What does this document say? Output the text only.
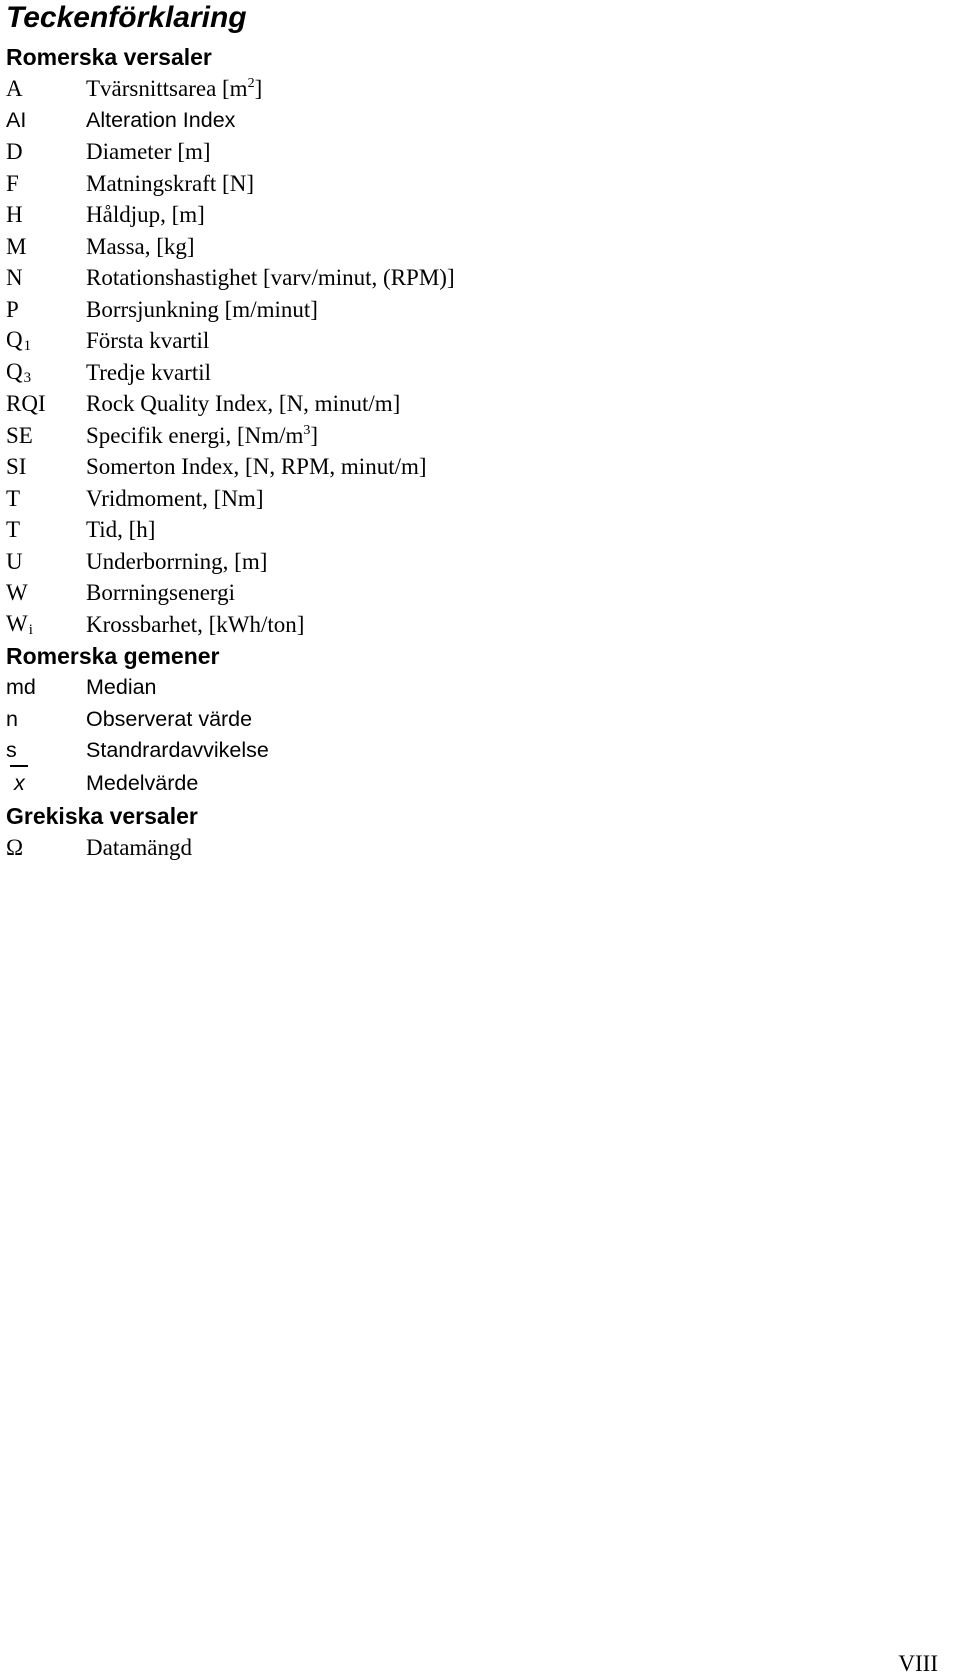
Teckenförklaring
Romerska versaler
A	Tvärsnittsarea $[m^2]$
AI	Alteration Index
D	Diameter [m]
F	Matningskraft [N]
H	Håldjup, [m]
M	Massa, [kg]
N	Rotationshastighet [varv/minut, (RPM)]
P	Borrsjunkning [m/minut]
$Q_1$	Första kvartil
$Q_3$	Tredje kvartil
RQI	Rock Quality Index, [N, minut/m]
SE	Specifik energi, $[Nm/m^3]$
SI	Somerton Index, [N, RPM, minut/m]
T	Vridmoment, [Nm]
T	Tid, [h]
U	Underborrning, [m]
W	Borrningsenergi
$W_i$	Krossbarhet, [kWh/ton]
Romerska gemener
md	Median
n	Observerat värde
s	Standrardavvikelse
x	Medelvärde
Grekiska versaler
Ω	Datamängd
VIII
